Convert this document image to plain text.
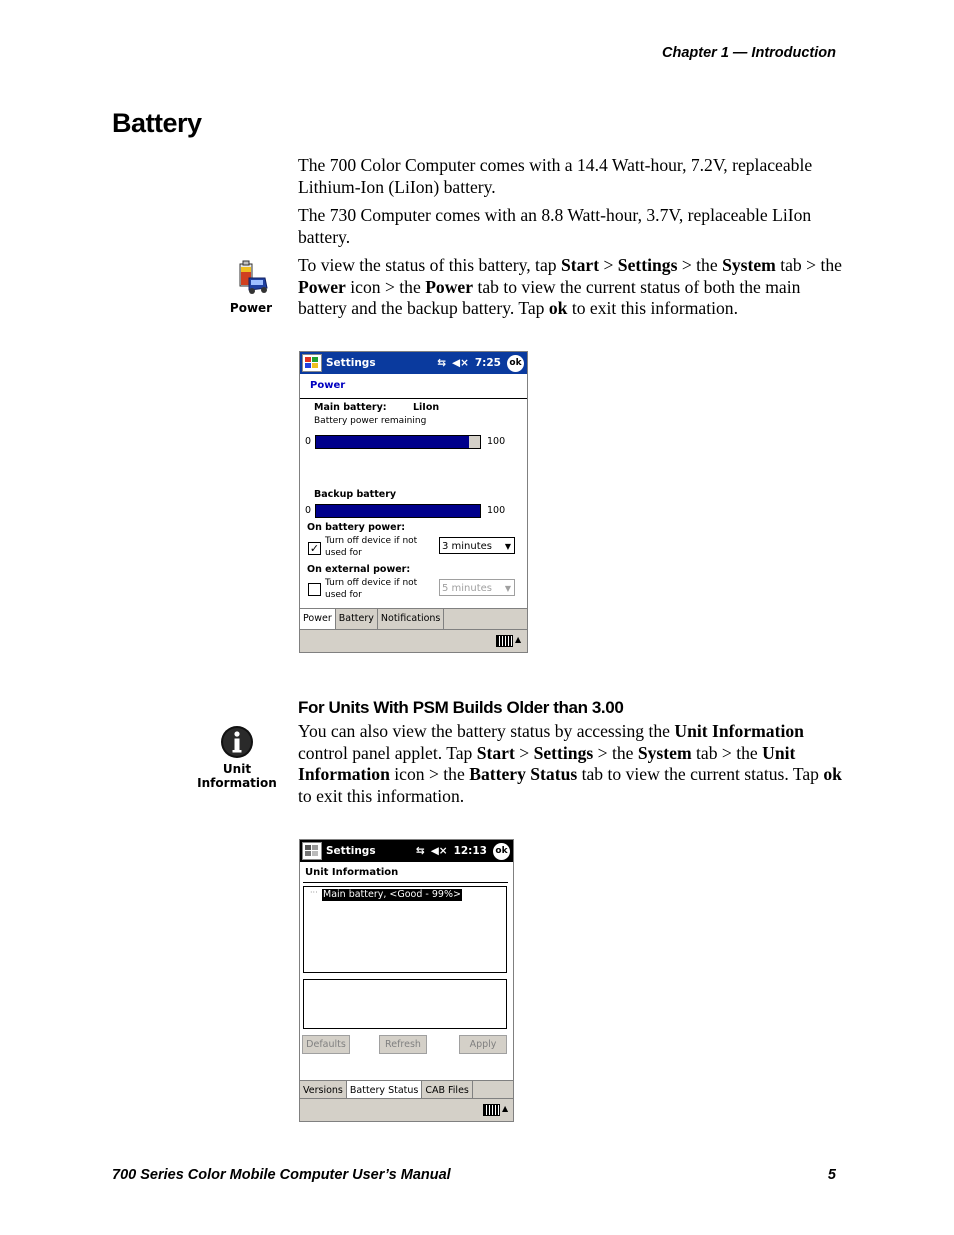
Chapter 1 — Introduction
Battery
The 700 Color Computer comes with a 14.4 Watt-hour, 7.2V, replaceable Lithium-Ion (LiIon) battery.
The 730 Computer comes with an 8.8 Watt-hour, 3.7V, replaceable LiIon battery.
To view the status of this battery, tap Start > Settings > the System tab > the Power icon > the Power tab to view the current status of both the main battery and the backup battery. Tap ok to exit this information.
Power
Settings	⇆ ◀× 7:25 ok
Power
Main battery:	LiIon
Battery power remaining
0	100
Backup battery
0	100
On battery power:
✓
Turn off device if not
used for
3 minutes ▼
On external power:
Turn off device if not
used for
5 minutes ▼
Power Battery Notifications
▲
For Units With PSM Builds Older than 3.00
Unit
Information
You can also view the battery status by accessing the Unit Information control panel applet. Tap Start > Settings > the System tab > the Unit Information icon > the Battery Status tab to view the current status. Tap ok to exit this information.
Settings	⇆ ◀× 12:13 ok
Unit Information
··· Main battery, <Good - 99%>
Defaults	Refresh	Apply
Versions Battery Status CAB Files
▲
700 Series Color Mobile Computer User’s Manual	5
